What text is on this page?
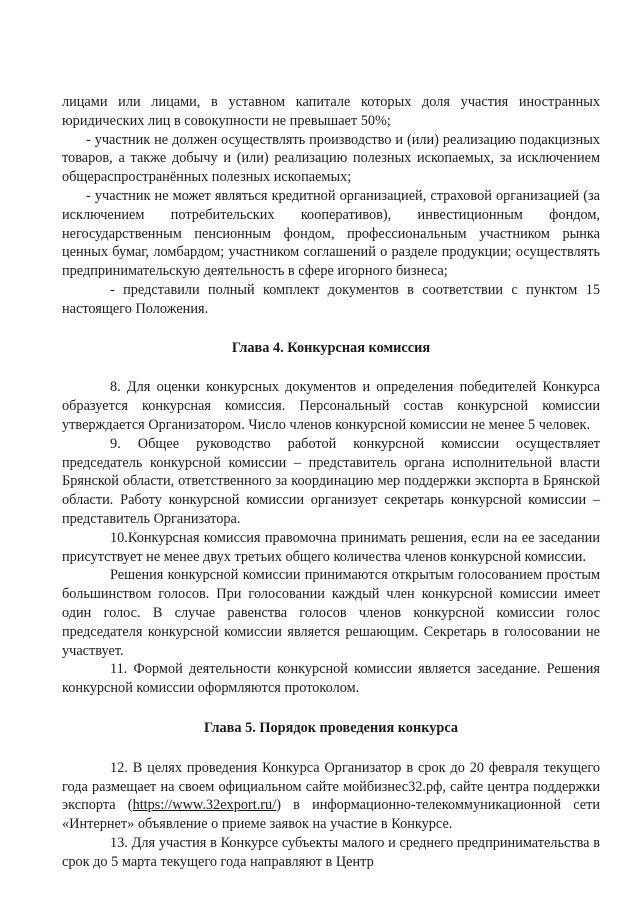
лицами или лицами, в уставном капитале которых доля участия иностранных юридических лиц в совокупности не превышает 50%;

- участник не должен осуществлять производство и (или) реализацию подакцизных товаров, а также добычу и (или) реализацию полезных ископаемых, за исключением общераспространённых полезных ископаемых;

- участник не может являться кредитной организацией, страховой организацией (за исключением потребительских кооперативов), инвестиционным фондом, негосударственным пенсионным фондом, профессиональным участником рынка ценных бумаг, ломбардом; участником соглашений о разделе продукции; осуществлять предпринимательскую деятельность в сфере игорного бизнеса;

- представили полный комплект документов в соответствии с пунктом 15 настоящего Положения.

Глава 4. Конкурсная комиссия

8. Для оценки конкурсных документов и определения победителей Конкурса образуется конкурсная комиссия. Персональный состав конкурсной комиссии утверждается Организатором. Число членов конкурсной комиссии не менее 5 человек.

9. Общее руководство работой конкурсной комиссии осуществляет председатель конкурсной комиссии – представитель органа исполнительной власти Брянской области, ответственного за координацию мер поддержки экспорта в Брянской области. Работу конкурсной комиссии организует секретарь конкурсной комиссии – представитель Организатора.

10.Конкурсная комиссия правомочна принимать решения, если на ее заседании присутствует не менее двух третьих общего количества членов конкурсной комиссии.

Решения конкурсной комиссии принимаются открытым голосованием простым большинством голосов. При голосовании каждый член конкурсной комиссии имеет один голос. В случае равенства голосов членов конкурсной комиссии голос председателя конкурсной комиссии является решающим. Секретарь в голосовании не участвует.

11. Формой деятельности конкурсной комиссии является заседание. Решения конкурсной комиссии оформляются протоколом.

Глава 5. Порядок проведения конкурса

12. В целях проведения Конкурса Организатор в срок до 20 февраля текущего года размещает на своем официальном сайте мойбизнес32.рф, сайте центра поддержки экспорта (https://www.32export.ru/) в информационно-телекоммуникационной сети «Интернет» объявление о приеме заявок на участие в Конкурсе.

13. Для участия в Конкурсе субъекты малого и среднего предпринимательства в срок до 5 марта текущего года направляют в Центр
